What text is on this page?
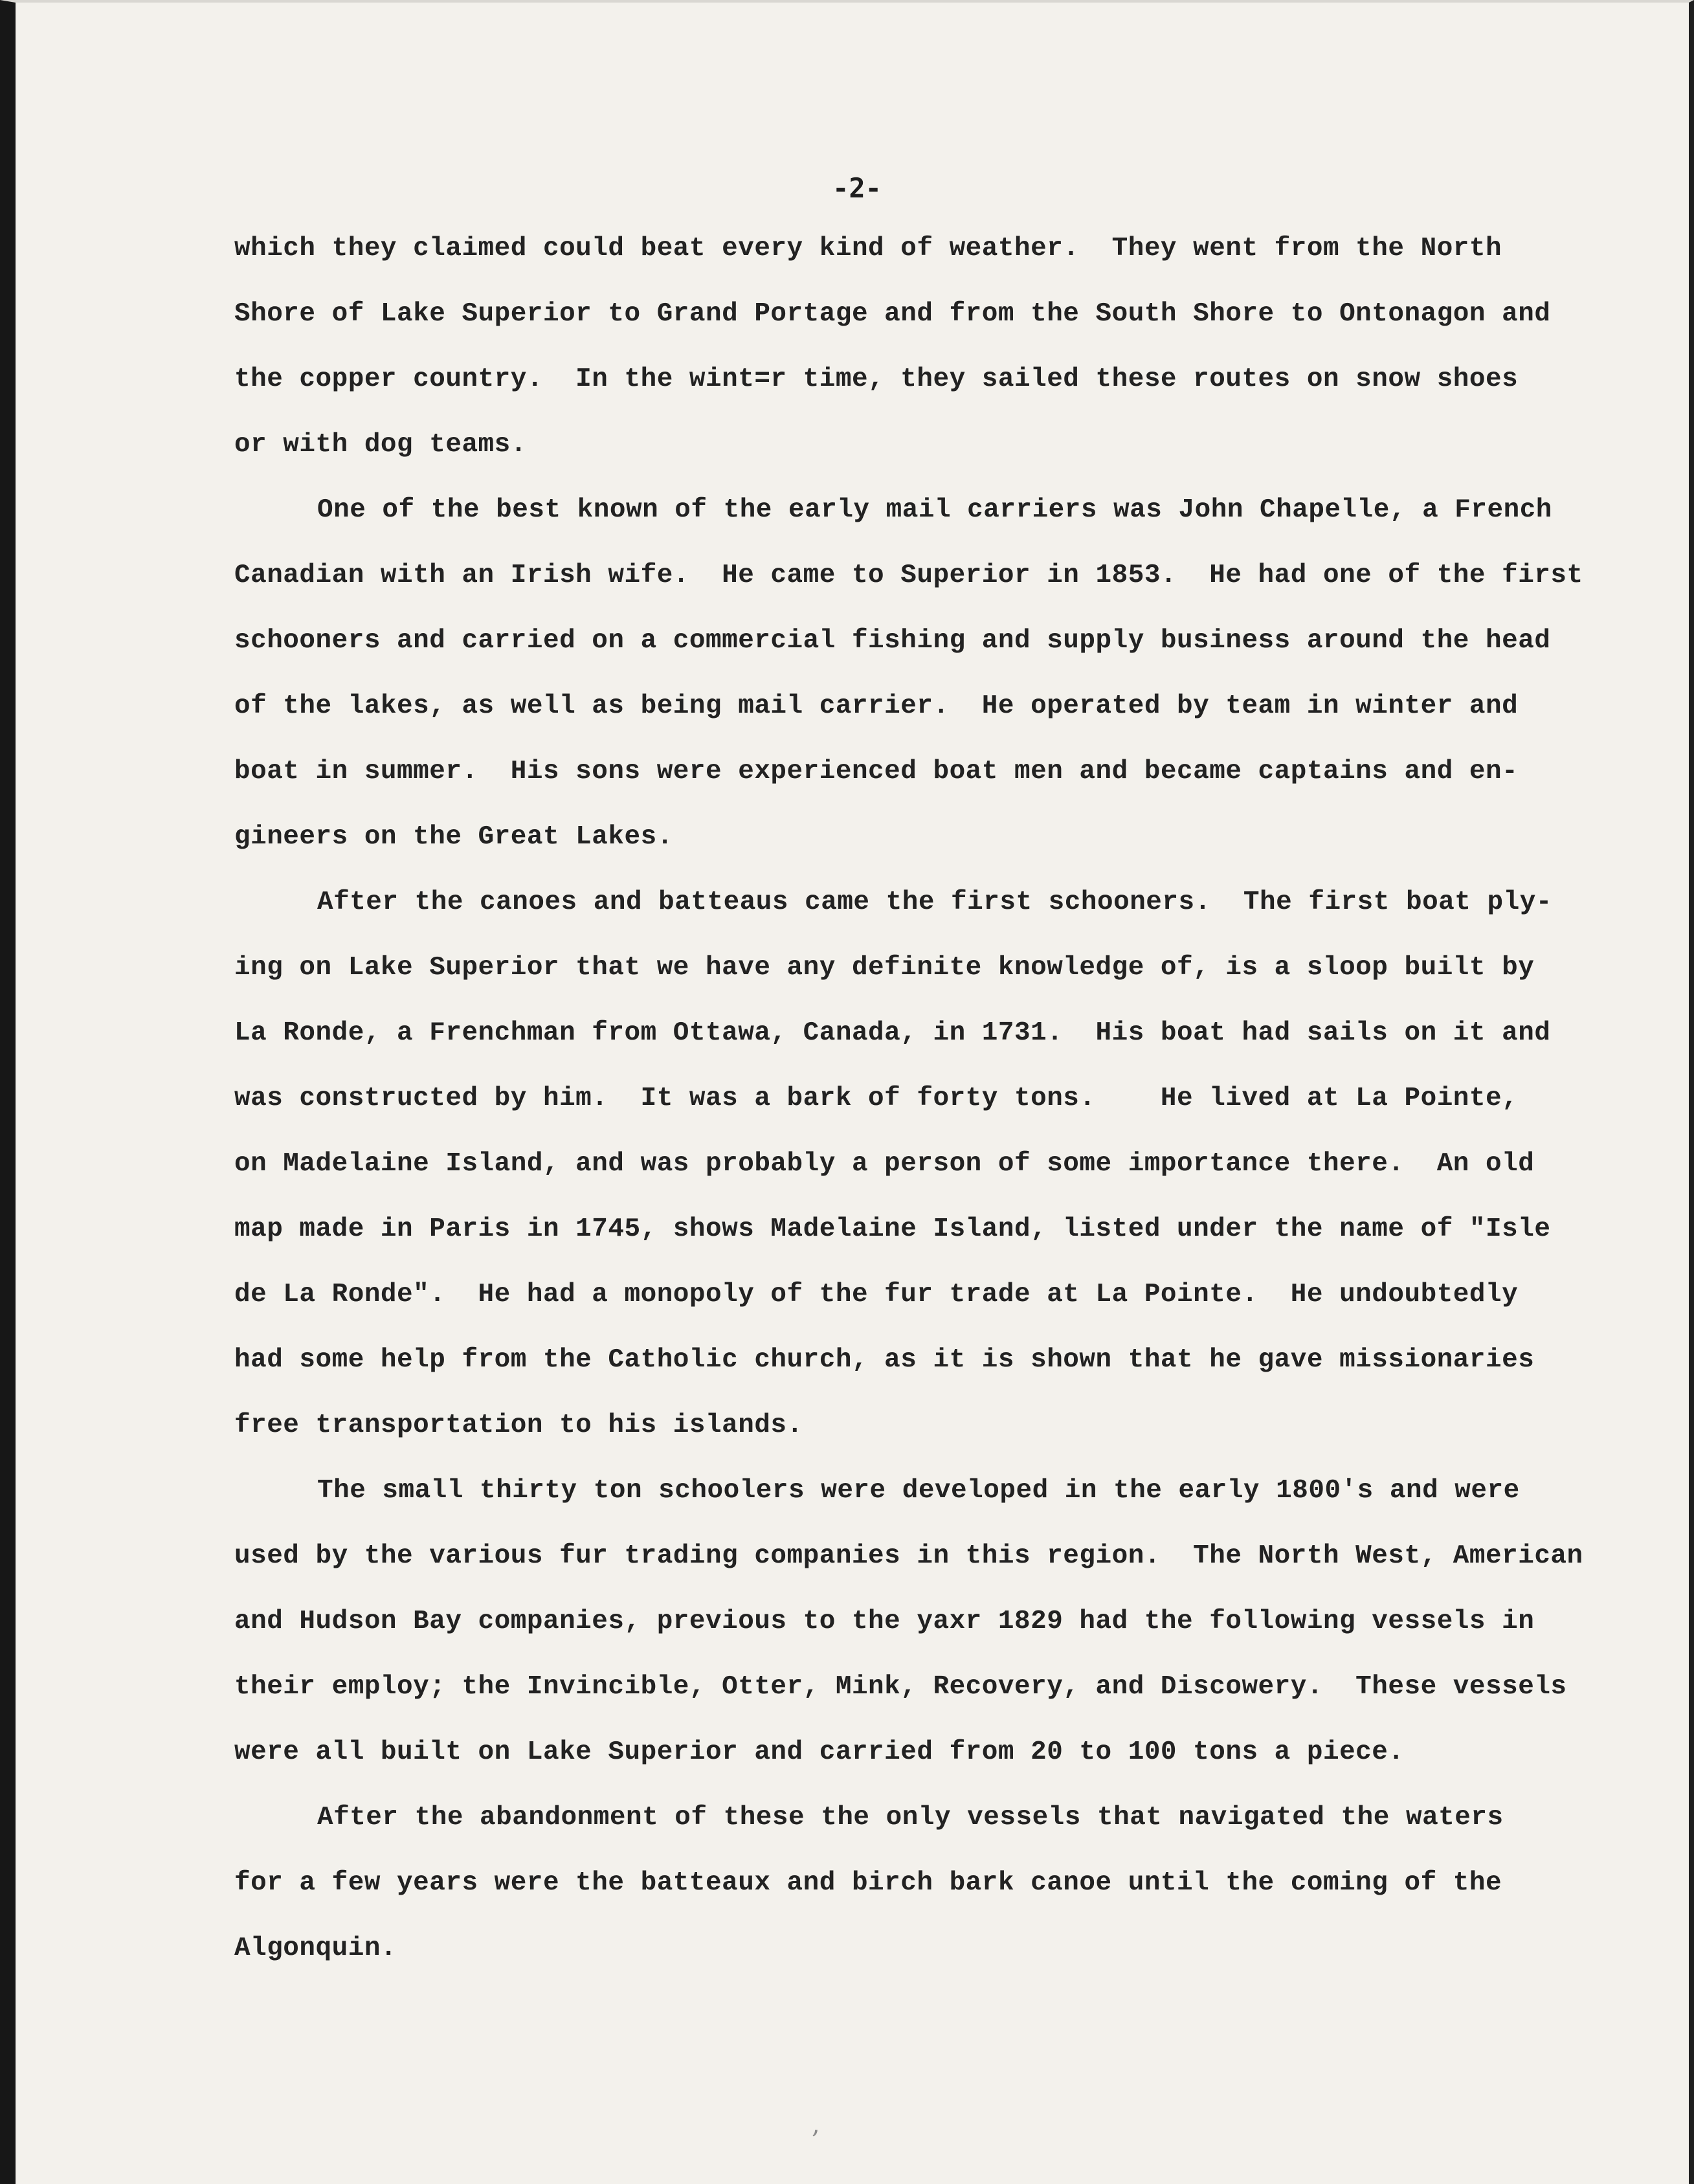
-2-
which they claimed could beat every kind of weather.  They went from the North
Shore of Lake Superior to Grand Portage and from the South Shore to Ontonagon and
the copper country.  In the wint=r time, they sailed these routes on snow shoes
or with dog teams.
One of the best known of the early mail carriers was John Chapelle, a French
Canadian with an Irish wife.  He came to Superior in 1853.  He had one of the first
schooners and carried on a commercial fishing and supply business around the head
of the lakes, as well as being mail carrier.  He operated by team in winter and
boat in summer.  His sons were experienced boat men and became captains and en-
gineers on the Great Lakes.
After the canoes and batteaus came the first schooners.  The first boat ply-
ing on Lake Superior that we have any definite knowledge of, is a sloop built by
La Ronde, a Frenchman from Ottawa, Canada, in 1731.  His boat had sails on it and
was constructed by him.  It was a bark of forty tons.    He lived at La Pointe,
on Madelaine Island, and was probably a person of some importance there.  An old
map made in Paris in 1745, shows Madelaine Island, listed under the name of "Isle
de La Ronde".  He had a monopoly of the fur trade at La Pointe.  He undoubtedly
had some help from the Catholic church, as it is shown that he gave missionaries
free transportation to his islands.
The small thirty ton schoolers were developed in the early 1800's and were
used by the various fur trading companies in this region.  The North West, American
and Hudson Bay companies, previous to the yaxr 1829 had the following vessels in
their employ; the Invincible, Otter, Mink, Recovery, and Discowery.  These vessels
were all built on Lake Superior and carried from 20 to 100 tons a piece.
After the abandonment of these the only vessels that navigated the waters
for a few years were the batteaux and birch bark canoe until the coming of the
Algonquin.
,
